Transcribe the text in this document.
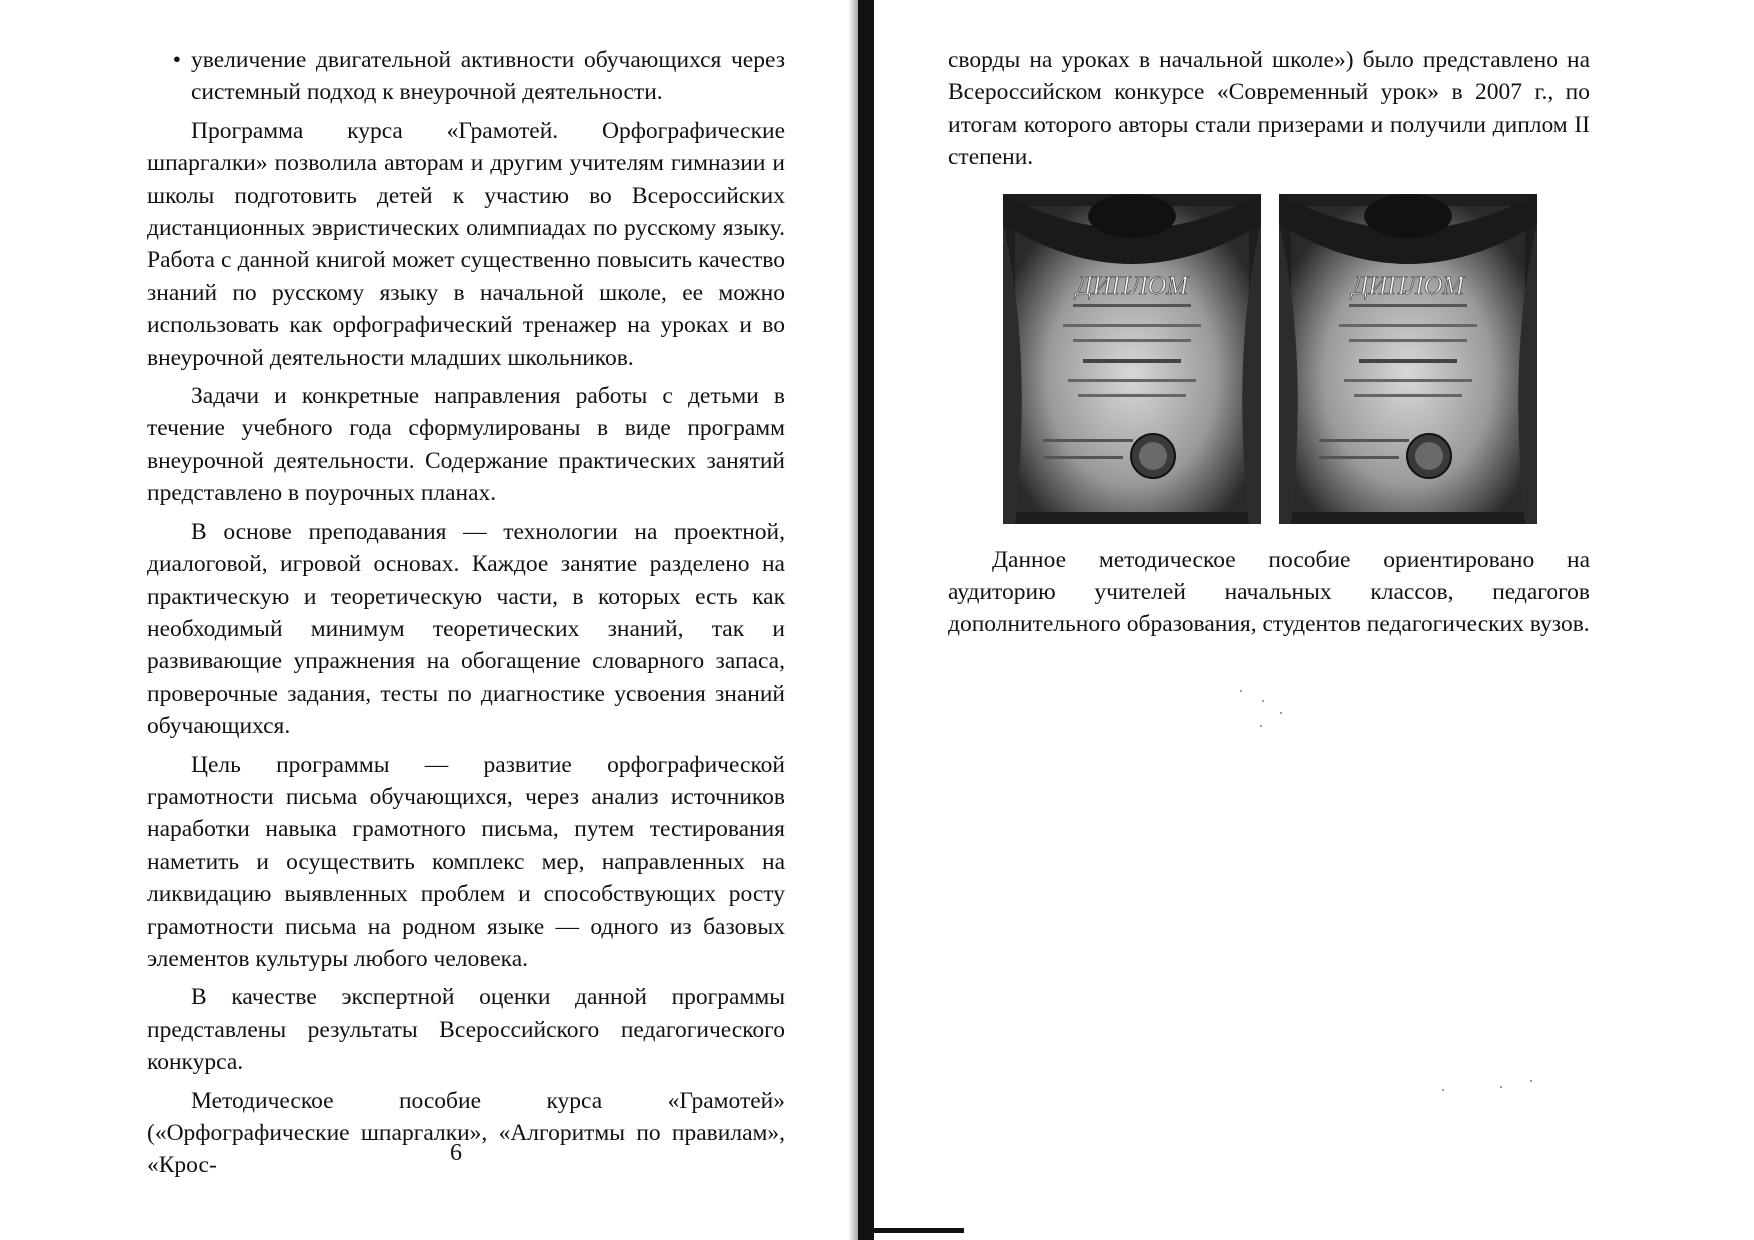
• увеличение двигательной активности обучающихся через системный подход к внеурочной деятельности.

Программа курса «Грамотей. Орфографические шпаргалки» позволила авторам и другим учителям гимназии и школы подготовить детей к участию во Всероссийских дистанционных эвристических олимпиадах по русскому языку. Работа с данной книгой может существенно повысить качество знаний по русскому языку в начальной школе, ее можно использовать как орфографический тренажер на уроках и во внеурочной деятельности младших школьников.

Задачи и конкретные направления работы с детьми в течение учебного года сформулированы в виде программ внеурочной деятельности. Содержание практических занятий представлено в поурочных планах.

В основе преподавания — технологии на проектной, диалоговой, игровой основах. Каждое занятие разделено на практическую и теоретическую части, в которых есть как необходимый минимум теоретических знаний, так и развивающие упражнения на обогащение словарного запаса, проверочные задания, тесты по диагностике усвоения знаний обучающихся.

Цель программы — развитие орфографической грамотности письма обучающихся, через анализ источников наработки навыка грамотного письма, путем тестирования наметить и осуществить комплекс мер, направленных на ликвидацию выявленных проблем и способствующих росту грамотности письма на родном языке — одного из базовых элементов культуры любого человека.

В качестве экспертной оценки данной программы представлены результаты Всероссийского педагогического конкурса.

Методическое пособие курса «Грамотей» («Орфографические шпаргалки», «Алгоритмы по правилам», «Крос-	6

сворды на уроках в начальной школе») было представлено на Всероссийском конкурсе «Современный урок» в 2007 г., по итогам которого авторы стали призерами и получили диплом II степени.

ДИПЛОМ	ДИПЛОМ

Данное методическое пособие ориентировано на аудиторию учителей начальных классов, педагогов дополнительного образования, студентов педагогических вузов.
